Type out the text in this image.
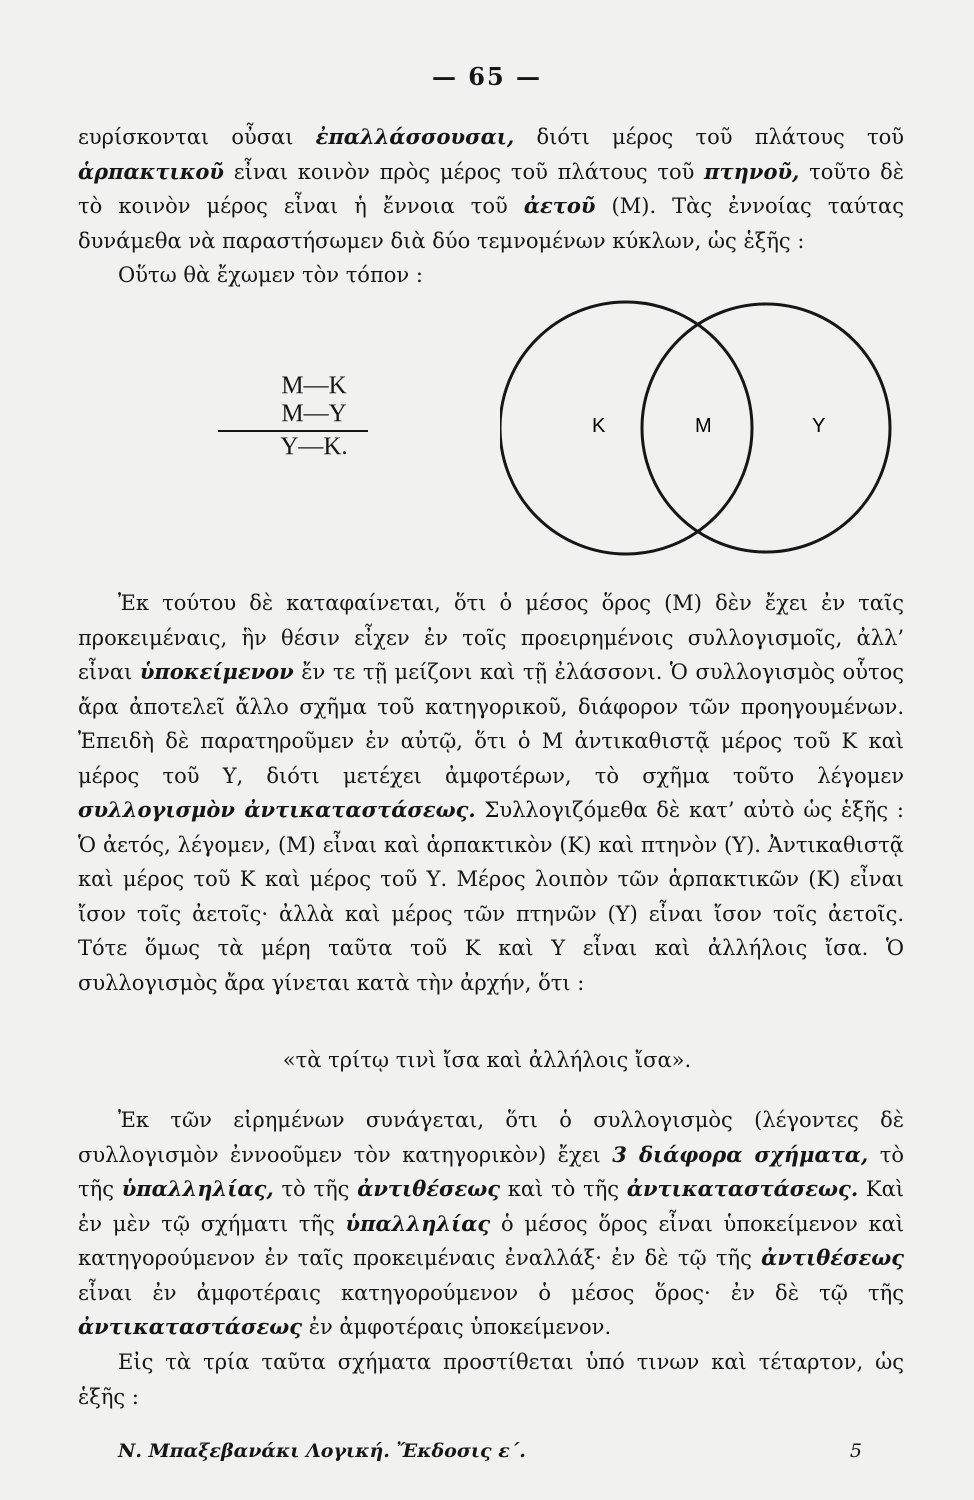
— 65 —

ευρίσκονται οὖσαι ἐπαλλάσσουσαι, διότι μέρος τοῦ πλάτους τοῦ ἁρπακτικοῦ εἶναι κοινὸν πρὸς μέρος τοῦ πλάτους τοῦ πτηνοῦ, τοῦτο δὲ τὸ κοινὸν μέρος εἶναι ἡ ἔννοια τοῦ ἀετοῦ (Μ). Τὰς ἐννοίας ταύτας δυνάμεθα νὰ παραστήσωμεν διὰ δύο τεμνομένων κύκλων, ὡς ἑξῆς :

Οὕτω θὰ ἔχωμεν τὸν τόπον :

Μ—Κ
Μ—Υ
Υ—Κ.
Κ	Μ	Υ

Ἐκ τούτου δὲ καταφαίνεται, ὅτι ὁ μέσος ὅρος (Μ) δὲν ἔχει ἐν ταῖς προκειμέναις, ἣν θέσιν εἶχεν ἐν τοῖς προειρημένοις συλλογισμοῖς, ἀλλ’ εἶναι ὑποκείμενον ἔν τε τῇ μείζονι καὶ τῇ ἐλάσσονι. Ὁ συλλογισμὸς οὗτος ἄρα ἀποτελεῖ ἄλλο σχῆμα τοῦ κατηγορικοῦ, διάφορον τῶν προηγουμένων. Ἐπειδὴ δὲ παρατηροῦμεν ἐν αὐτῷ, ὅτι ὁ Μ ἀντικαθιστᾷ μέρος τοῦ Κ καὶ μέρος τοῦ Υ, διότι μετέχει ἀμφοτέρων, τὸ σχῆμα τοῦτο λέγομεν συλλογισμὸν ἀντικαταστάσεως. Συλλογιζόμεθα δὲ κατ’ αὐτὸ ὡς ἑξῆς : Ὁ ἀετός, λέγομεν, (Μ) εἶναι καὶ ἁρπακτικὸν (Κ) καὶ πτηνὸν (Υ). Ἀντικαθιστᾷ καὶ μέρος τοῦ Κ καὶ μέρος τοῦ Υ. Μέρος λοιπὸν τῶν ἁρπακτικῶν (Κ) εἶναι ἴσον τοῖς ἀετοῖς· ἀλλὰ καὶ μέρος τῶν πτηνῶν (Υ) εἶναι ἴσον τοῖς ἀετοῖς. Τότε ὅμως τὰ μέρη ταῦτα τοῦ Κ καὶ Υ εἶναι καὶ ἀλλήλοις ἴσα. Ὁ συλλογισμὸς ἄρα γίνεται κατὰ τὴν ἀρχήν, ὅτι :

«τὰ τρίτῳ τινὶ ἴσα καὶ ἀλλήλοις ἴσα».

Ἐκ τῶν εἰρημένων συνάγεται, ὅτι ὁ συλλογισμὸς (λέγοντες δὲ συλλογισμὸν ἐννοοῦμεν τὸν κατηγορικὸν) ἔχει 3 διάφορα σχήματα, τὸ τῆς ὑπαλληλίας, τὸ τῆς ἀντιθέσεως καὶ τὸ τῆς ἀντικαταστάσεως. Καὶ ἐν μὲν τῷ σχήματι τῆς ὑπαλληλίας ὁ μέσος ὅρος εἶναι ὑποκείμενον καὶ κατηγορούμενον ἐν ταῖς προκειμέναις ἐναλλάξ· ἐν δὲ τῷ τῆς ἀντιθέσεως εἶναι ἐν ἀμφοτέραις κατηγορούμενον ὁ μέσος ὅρος· ἐν δὲ τῷ τῆς ἀντικαταστάσεως ἐν ἀμφοτέραις ὑποκείμενον.

Εἰς τὰ τρία ταῦτα σχήματα προστίθεται ὑπό τινων καὶ τέταρτον, ὡς ἑξῆς :

Ν. Μπαξεβανάκι Λογική. Ἔκδοσις ε΄.	5
